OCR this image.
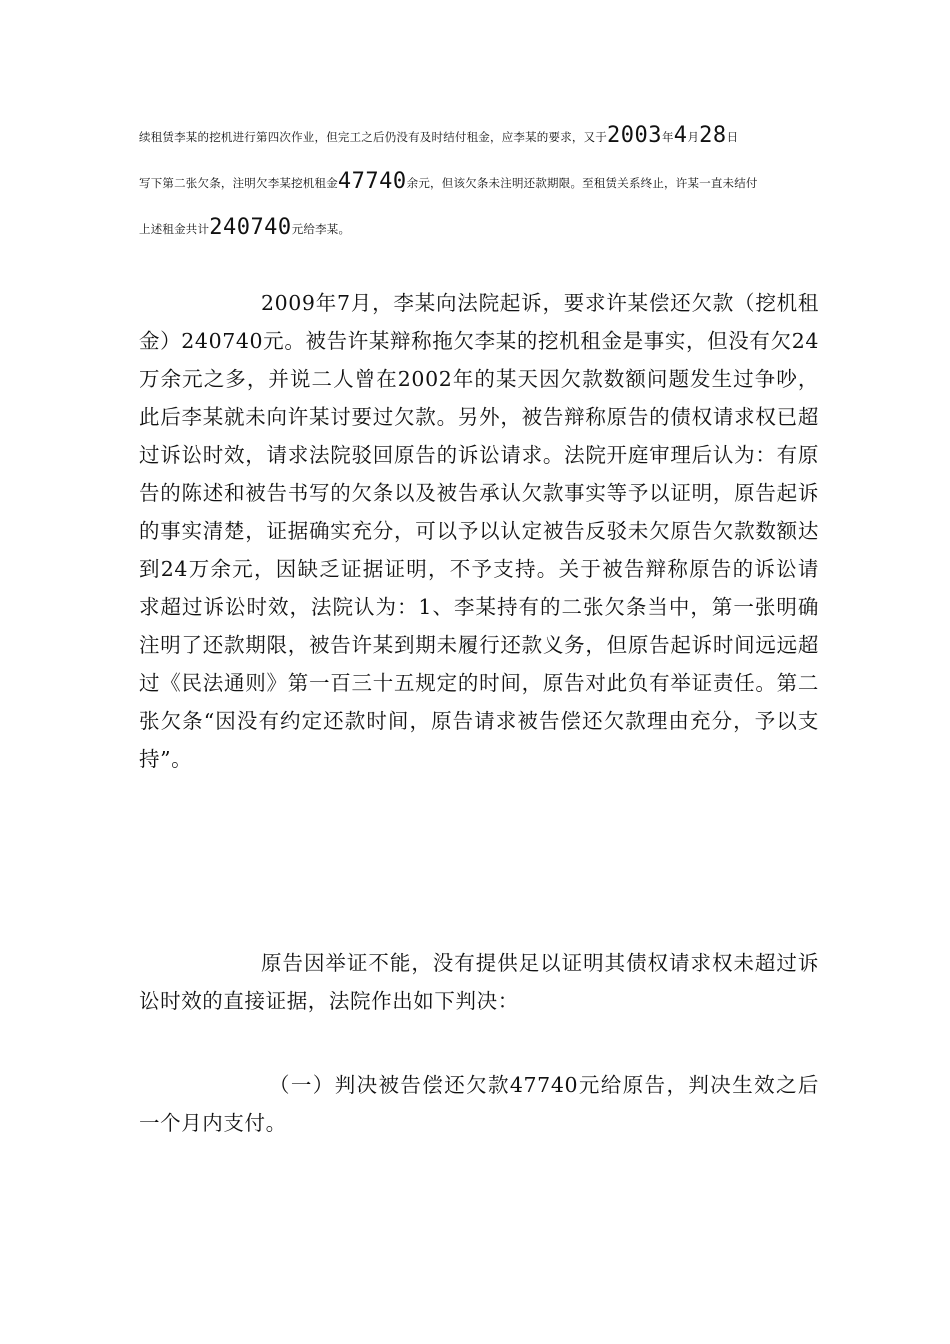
续租赁李某的挖机进行第四次作业，但完工之后仍没有及时结付租金，应李某的要求，又于2003年4月28日
写下第二张欠条，注明欠李某挖机租金47740余元，但该欠条未注明还款期限。至租赁关系终止，许某一直未结付
上述租金共计240740元给李某。

2009年7月，李某向法院起诉，要求许某偿还欠款（挖机租金）240740元。被告许某辩称拖欠李某的挖机租金是事实，但没有欠24万余元之多，并说二人曾在2002年的某天因欠款数额问题发生过争吵，此后李某就未向许某讨要过欠款。另外，被告辩称原告的债权请求权已超过诉讼时效，请求法院驳回原告的诉讼请求。法院开庭审理后认为：有原告的陈述和被告书写的欠条以及被告承认欠款事实等予以证明，原告起诉的事实清楚，证据确实充分，可以予以认定被告反驳未欠原告欠款数额达到24万余元，因缺乏证据证明，不予支持。关于被告辩称原告的诉讼请求超过诉讼时效，法院认为：1、李某持有的二张欠条当中，第一张明确注明了还款期限，被告许某到期未履行还款义务，但原告起诉时间远远超过《民法通则》第一百三十五规定的时间，原告对此负有举证责任。第二张欠条“因没有约定还款时间，原告请求被告偿还欠款理由充分，予以支持”。

原告因举证不能，没有提供足以证明其债权请求权未超过诉讼时效的直接证据，法院作出如下判决：

（一）判决被告偿还欠款47740元给原告，判决生效之后一个月内支付。
